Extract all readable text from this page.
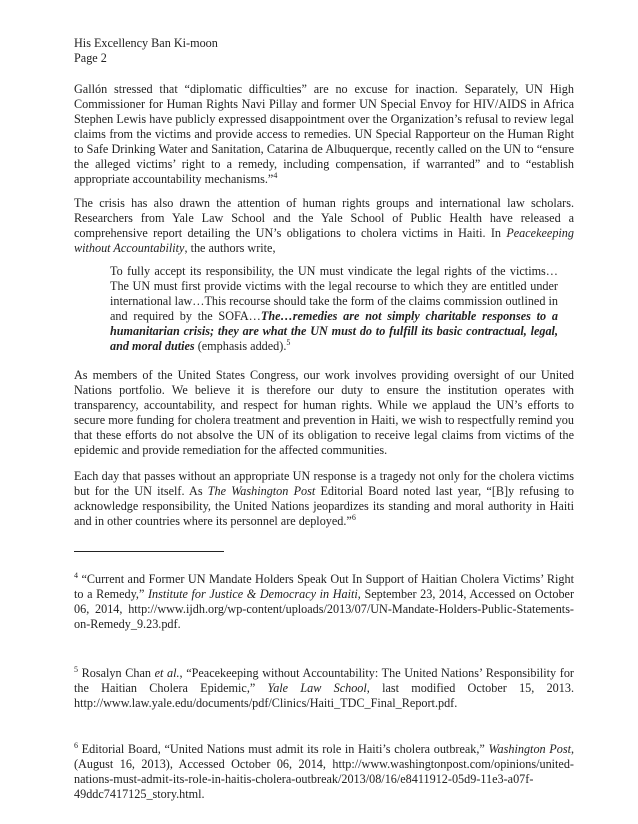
His Excellency Ban Ki-moon
Page 2

Gallón stressed that “diplomatic difficulties” are no excuse for inaction. Separately, UN High Commissioner for Human Rights Navi Pillay and former UN Special Envoy for HIV/AIDS in Africa Stephen Lewis have publicly expressed disappointment over the Organization’s refusal to review legal claims from the victims and provide access to remedies. UN Special Rapporteur on the Human Right to Safe Drinking Water and Sanitation, Catarina de Albuquerque, recently called on the UN to “ensure the alleged victims’ right to a remedy, including compensation, if warranted” and to “establish appropriate accountability mechanisms.”$^4$

The crisis has also drawn the attention of human rights groups and international law scholars. Researchers from Yale Law School and the Yale School of Public Health have released a comprehensive report detailing the UN’s obligations to cholera victims in Haiti. In Peacekeeping without Accountability, the authors write,

To fully accept its responsibility, the UN must vindicate the legal rights of the victims…The UN must first provide victims with the legal recourse to which they are entitled under international law…This recourse should take the form of the claims commission outlined in and required by the SOFA…The…remedies are not simply charitable responses to a humanitarian crisis; they are what the UN must do to fulfill its basic contractual, legal, and moral duties (emphasis added).$^5$

As members of the United States Congress, our work involves providing oversight of our United Nations portfolio. We believe it is therefore our duty to ensure the institution operates with transparency, accountability, and respect for human rights. While we applaud the UN’s efforts to secure more funding for cholera treatment and prevention in Haiti, we wish to respectfully remind you that these efforts do not absolve the UN of its obligation to receive legal claims from victims of the epidemic and provide remediation for the affected communities.

Each day that passes without an appropriate UN response is a tragedy not only for the cholera victims but for the UN itself. As The Washington Post Editorial Board noted last year, “[B]y refusing to acknowledge responsibility, the United Nations jeopardizes its standing and moral authority in Haiti and in other countries where its personnel are deployed.”$^6$

$^4$ “Current and Former UN Mandate Holders Speak Out In Support of Haitian Cholera Victims’ Right to a Remedy,” Institute for Justice & Democracy in Haiti, September 23, 2014, Accessed on October 06, 2014, http://www.ijdh.org/wp-content/uploads/2013/07/UN-Mandate-Holders-Public-Statements-on-Remedy_9.23.pdf.

$^5$ Rosalyn Chan et al., “Peacekeeping without Accountability: The United Nations’ Responsibility for the Haitian Cholera Epidemic,” Yale Law School, last modified October 15, 2013. http://www.law.yale.edu/documents/pdf/Clinics/Haiti_TDC_Final_Report.pdf.

$^6$ Editorial Board, “United Nations must admit its role in Haiti’s cholera outbreak,” Washington Post, (August 16, 2013), Accessed October 06, 2014, http://www.washingtonpost.com/opinions/united-nations-must-admit-its-role-in-haitis-cholera-outbreak/2013/08/16/e8411912-05d9-11e3-a07f-49ddc7417125_story.html.
